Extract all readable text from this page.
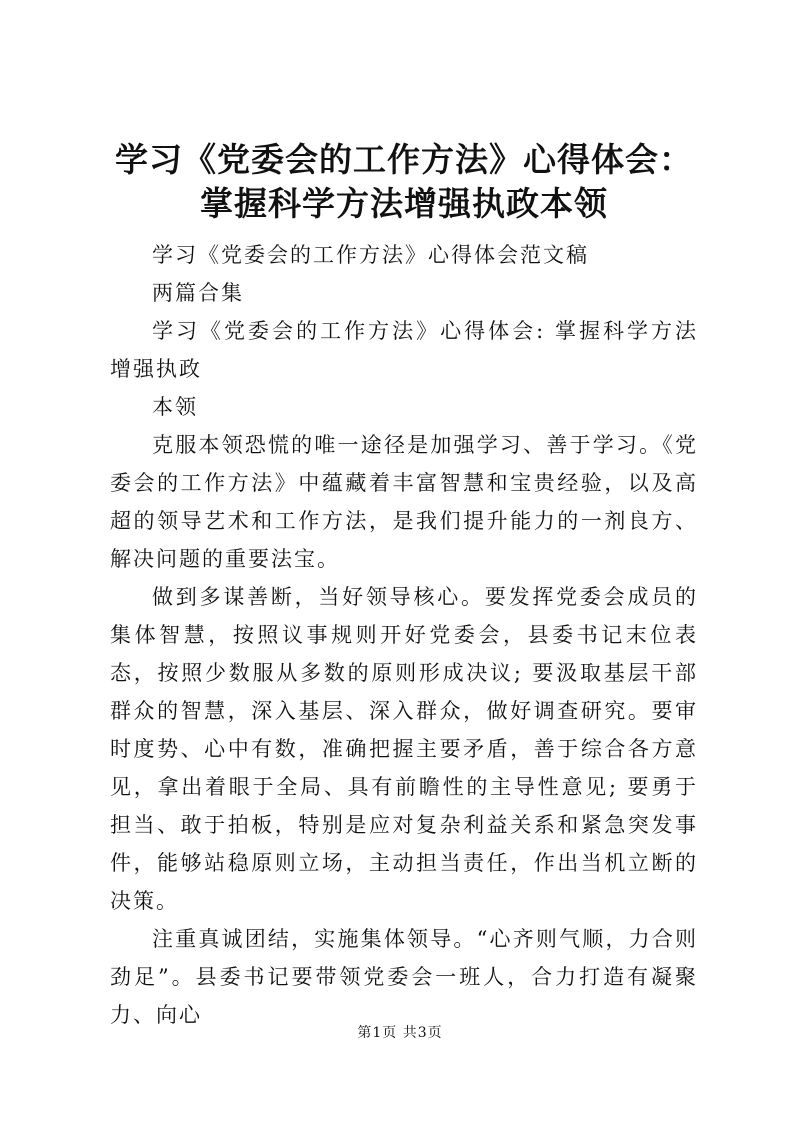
学习《党委会的工作方法》心得体会：掌握科学方法增强执政本领

学习《党委会的工作方法》心得体会范文稿

两篇合集

学习《党委会的工作方法》心得体会: 掌握科学方法增强执政

本领

克服本领恐慌的唯一途径是加强学习、善于学习。《党委会的工作方法》中蕴藏着丰富智慧和宝贵经验，以及高超的领导艺术和工作方法，是我们提升能力的一剂良方、解决问题的重要法宝。

做到多谋善断，当好领导核心。要发挥党委会成员的集体智慧，按照议事规则开好党委会，县委书记末位表态，按照少数服从多数的原则形成决议; 要汲取基层干部群众的智慧，深入基层、深入群众，做好调查研究。要审时度势、心中有数，准确把握主要矛盾，善于综合各方意见，拿出着眼于全局、具有前瞻性的主导性意见; 要勇于担当、敢于拍板，特别是应对复杂利益关系和紧急突发事件，能够站稳原则立场，主动担当责任，作出当机立断的决策。

注重真诚团结，实施集体领导。“心齐则气顺，力合则劲足”。县委书记要带领党委会一班人，合力打造有凝聚力、向心

第1页 共3页
